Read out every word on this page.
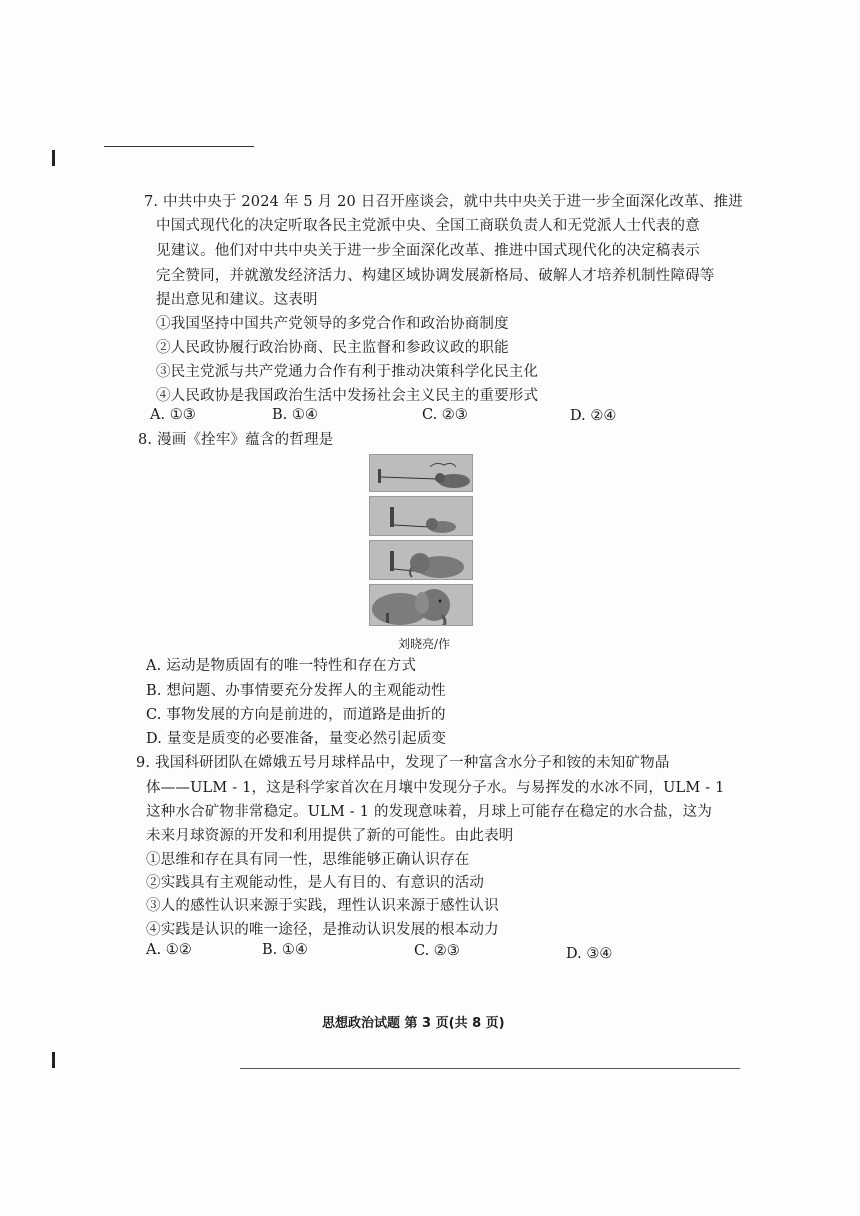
7. 中共中央于 2024 年 5 月 20 日召开座谈会，就中共中央关于进一步全面深化改革、推进
中国式现代化的决定听取各民主党派中央、全国工商联负责人和无党派人士代表的意
见建议。他们对中共中央关于进一步全面深化改革、推进中国式现代化的决定稿表示
完全赞同，并就激发经济活力、构建区域协调发展新格局、破解人才培养机制性障碍等
提出意见和建议。这表明
①我国坚持中国共产党领导的多党合作和政治协商制度
②人民政协履行政治协商、民主监督和参政议政的职能
③民主党派与共产党通力合作有利于推动决策科学化民主化
④人民政协是我国政治生活中发扬社会主义民主的重要形式
A. ①③	B. ①④	C. ②③	D. ②④
8. 漫画《拴牢》蕴含的哲理是
刘晓亮/作
A. 运动是物质固有的唯一特性和存在方式
B. 想问题、办事情要充分发挥人的主观能动性
C. 事物发展的方向是前进的，而道路是曲折的
D. 量变是质变的必要准备，量变必然引起质变
9. 我国科研团队在嫦娥五号月球样品中，发现了一种富含水分子和铵的未知矿物晶
体——ULM - 1，这是科学家首次在月壤中发现分子水。与易挥发的水冰不同，ULM - 1
这种水合矿物非常稳定。ULM - 1 的发现意味着，月球上可能存在稳定的水合盐，这为
未来月球资源的开发和利用提供了新的可能性。由此表明
①思维和存在具有同一性，思维能够正确认识存在
②实践具有主观能动性，是人有目的、有意识的活动
③人的感性认识来源于实践，理性认识来源于感性认识
④实践是认识的唯一途径，是推动认识发展的根本动力
A. ①②	B. ①④	C. ②③	D. ③④
思想政治试题 第 3 页(共 8 页)
